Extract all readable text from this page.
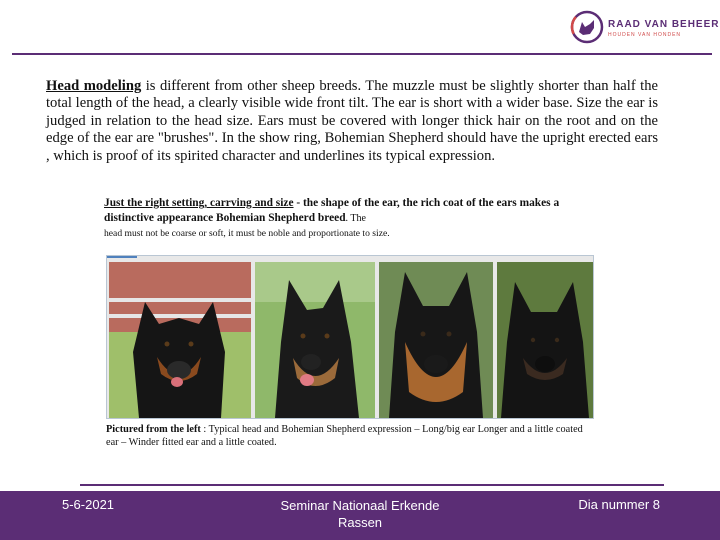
RAAD VAN BEHEER
HOUDEN VAN HONDEN
Head modeling is different from other sheep breeds. The muzzle must be slightly shorter than half the total length of the head, a clearly visible wide front tilt. The ear is short with a wider base. Size the ear is judged in relation to the head size. Ears must be covered with longer thick hair on the root and on the edge of the ear are "brushes". In the show ring, Bohemian Shepherd should have the upright erected ears , which is proof of its spirited character and underlines its typical expression.
Just the right setting, carrving and size - the shape of the ear, the rich coat of the ears makes a distinctive appearance Bohemian Shepherd breed. The
head must not be coarse or soft, it must be noble and proportionate to size.
Pictured from the left : Typical head and Bohemian Shepherd expression – Long/big ear Longer and a little coated ear – Winder fitted ear and a little coated.
5-6-2021	Seminar Nationaal Erkende Rassen
Dia nummer 8
